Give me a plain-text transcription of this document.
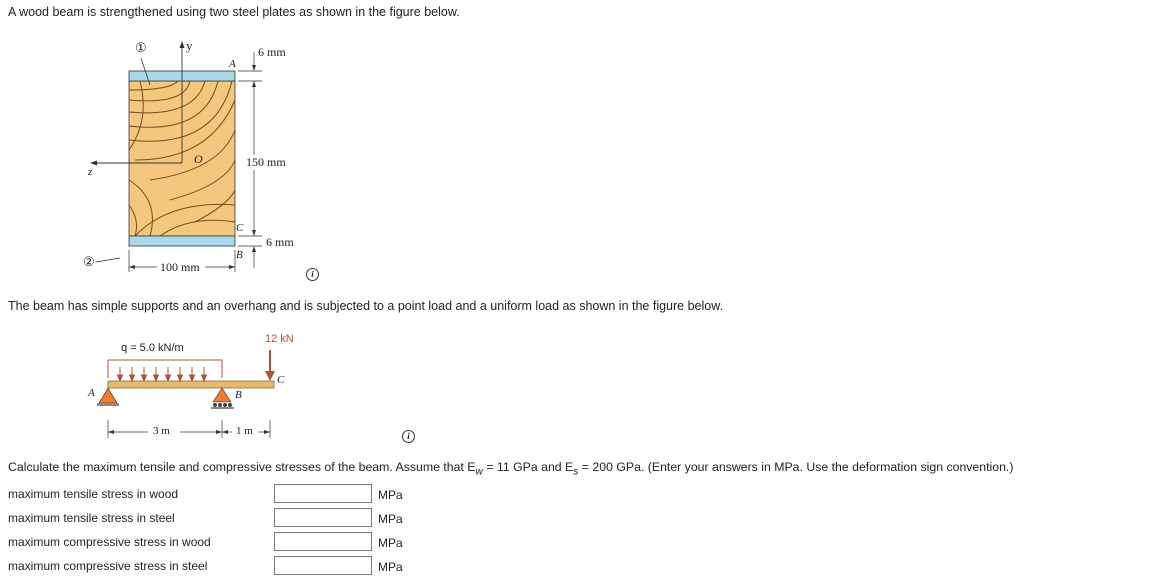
A wood beam is strengthened using two steel plates as shown in the figure below.
①	y
A
6 mm
150 mm
O
z
C
6 mm
B
②	100 mm	i
The beam has simple supports and an overhang and is subjected to a point load and a uniform load as shown in the figure below.
q = 5.0 kN/m
12 kN
C
A	B
3 m	1 m	i
Calculate the maximum tensile and compressive stresses of the beam. Assume that $E_w = 11$ GPa and $E_s = 200$ GPa. (Enter your answers in MPa. Use the deformation sign convention.)
maximum tensile stress in wood	MPa
maximum tensile stress in steel	MPa
maximum compressive stress in wood	MPa
maximum compressive stress in steel	MPa
